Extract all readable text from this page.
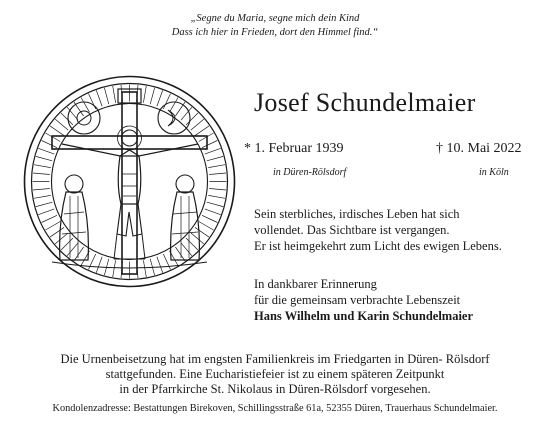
„Segne du Maria, segne mich dein Kind
Dass ich hier in Frieden, dort den Himmel find.“
Josef Schundelmaier
* 1. Februar 1939	† 10. Mai 2022
in Düren-Rölsdorf	in Köln
Sein sterbliches, irdisches Leben hat sich
vollendet. Das Sichtbare ist vergangen.
Er ist heimgekehrt zum Licht des ewigen Lebens.
In dankbarer Erinnerung
für die gemeinsam verbrachte Lebenszeit
Hans Wilhelm und Karin Schundelmaier
Die Urnenbeisetzung hat im engsten Familienkreis im Friedgarten in Düren- Rölsdorf
stattgefunden. Eine Eucharistiefeier ist zu einem späteren Zeitpunkt
in der Pfarrkirche St. Nikolaus in Düren-Rölsdorf vorgesehen.
Kondolenzadresse: Bestattungen Birekoven, Schillingsstraße 61a, 52355 Düren, Trauerhaus Schundelmaier.
